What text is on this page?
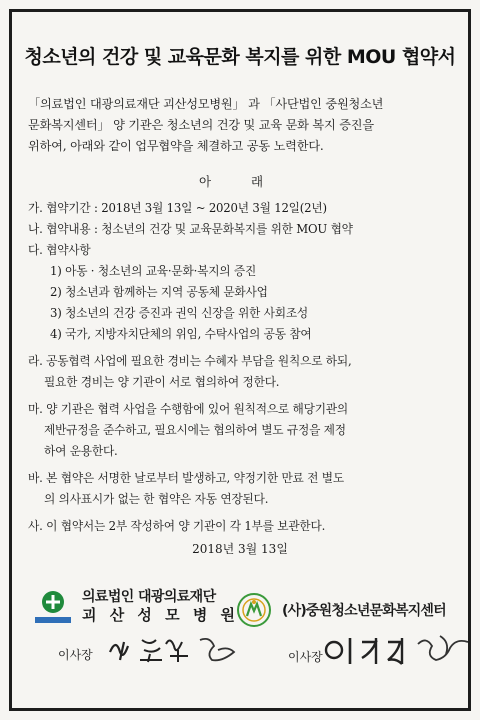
청소년의 건강 및 교육문화 복지를 위한 MOU 협약서
「의료법인 대광의료재단 괴산성모병원」 과 「사단법인 중원청소년
문화복지센터」 양 기관은 청소년의 건강 및 교육 문화 복지 증진을
위하여, 아래와 같이 업무협약을 체결하고 공동 노력한다.
아 래
가. 협약기간 : 2018년 3월 13일 ~ 2020년 3월 12일(2년)
나. 협약내용 : 청소년의 건강 및 교육문화복지를 위한 MOU 협약
다. 협약사항
1) 아동 · 청소년의 교육·문화·복지의 증진
2) 청소년과 함께하는 지역 공동체 문화사업
3) 청소년의 건강 증진과 권익 신장을 위한 사회조성
4) 국가, 지방자치단체의 위임, 수탁사업의 공동 참여
라. 공동협력 사업에 필요한 경비는 수혜자 부담을 원칙으로 하되,
필요한 경비는 양 기관이 서로 협의하여 정한다.
마. 양 기관은 협력 사업을 수행함에 있어 원칙적으로 해당기관의
제반규정을 준수하고, 필요시에는 협의하여 별도 규정을 제정
하여 운용한다.
바. 본 협약은 서명한 날로부터 발생하고, 약정기한 만료 전 별도
의 의사표시가 없는 한 협약은 자동 연장된다.
사. 이 협약서는 2부 작성하여 양 기관이 각 1부를 보관한다.
2018년 3월 13일
의료법인 대광의료재단
괴 산 성 모 병 원
이사장
(사)중원청소년문화복지센터
이사장
